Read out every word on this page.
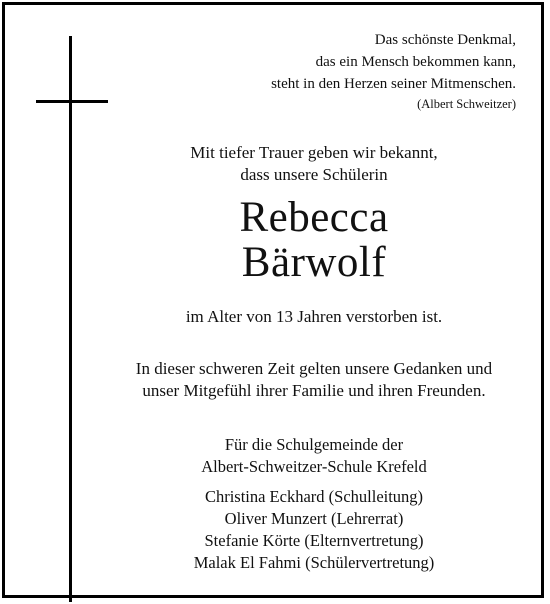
Das schönste Denkmal,
das ein Mensch bekommen kann,
steht in den Herzen seiner Mitmenschen.
(Albert Schweitzer)
Mit tiefer Trauer geben wir bekannt,
dass unsere Schülerin
Rebecca
Bärwolf
im Alter von 13 Jahren verstorben ist.
In dieser schweren Zeit gelten unsere Gedanken und
unser Mitgefühl ihrer Familie und ihren Freunden.
Für die Schulgemeinde der
Albert-Schweitzer-Schule Krefeld
Christina Eckhard (Schulleitung)
Oliver Munzert (Lehrerrat)
Stefanie Körte (Elternvertretung)
Malak El Fahmi (Schülervertretung)
